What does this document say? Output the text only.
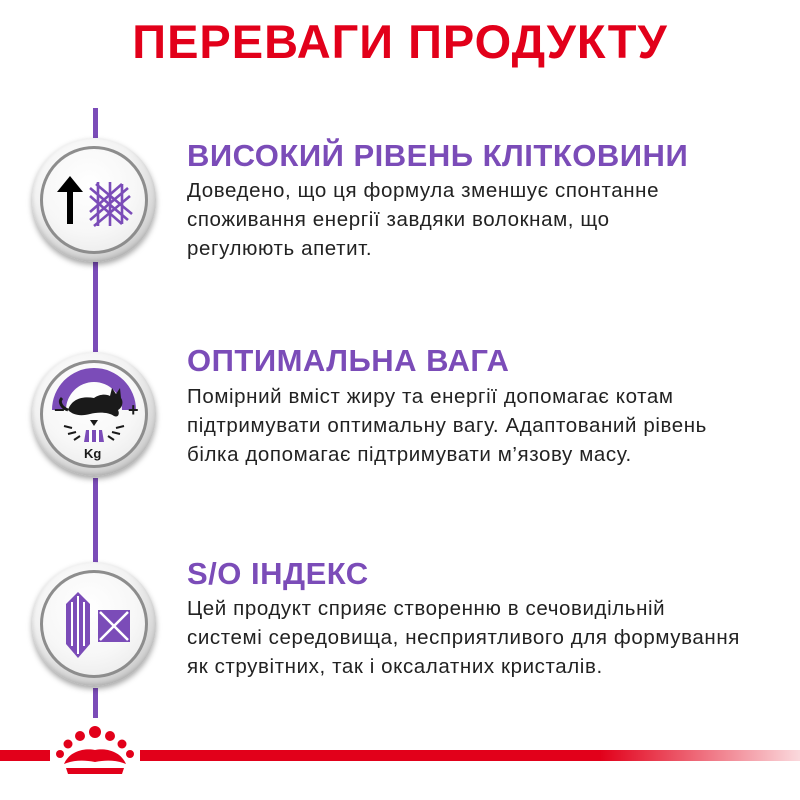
ПЕРЕВАГИ ПРОДУКТУ
ВИСОКИЙ РІВЕНЬ КЛІТКОВИНИ
Доведено, що ця формула зменшує спонтанне
споживання енергії завдяки волокнам, що
регулюють апетит.
−	+
Kg
ОПТИМАЛЬНА ВАГА
Помірний вміст жиру та енергії допомагає котам
підтримувати оптимальну вагу. Адаптований рівень
білка допомагає підтримувати м’язову масу.
S/O ІНДЕКС
Цей продукт сприяє створенню в сечовидільній
системі середовища, несприятливого для формування
як струвітних, так і оксалатних кристалів.
